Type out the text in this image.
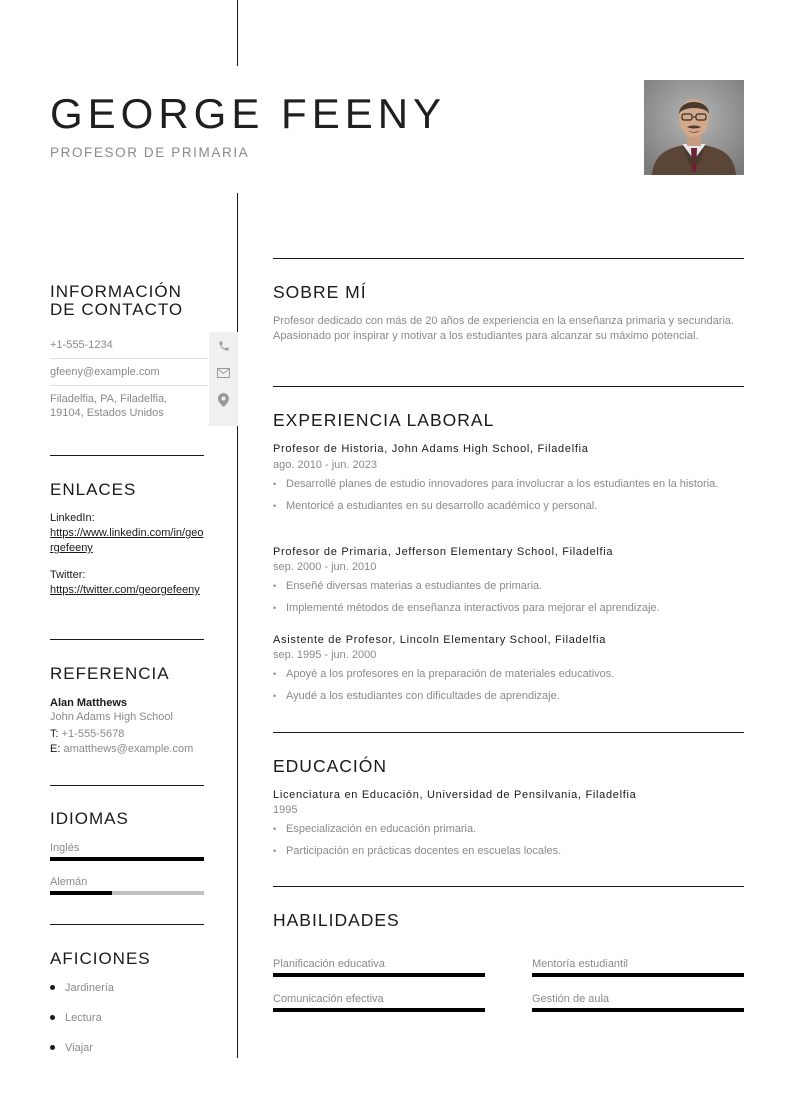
GEORGE FEENY
PROFESOR DE PRIMARIA
INFORMACIÓN
DE CONTACTO
+1-555-1234
gfeeny@example.com
Filadelfia, PA, Filadelfia,
19104, Estados Unidos
ENLACES
LinkedIn:
https://www.linkedin.com/in/georgefeeny
Twitter:
https://twitter.com/georgefeeny
REFERENCIA
Alan Matthews
John Adams High School
T: +1-555-5678
E: amatthews@example.com
IDIOMAS
Inglés
Alemán
AFICIONES
Jardinería
Lectura
Viajar
SOBRE MÍ
Profesor dedicado con más de 20 años de experiencia en la enseñanza primaria y secundaria. Apasionado por inspirar y motivar a los estudiantes para alcanzar su máximo potencial.
EXPERIENCIA LABORAL
Profesor de Historia, John Adams High School, Filadelfia
ago. 2010 - jun. 2023
• Desarrollé planes de estudio innovadores para involucrar a los estudiantes en la historia.
• Mentoricé a estudiantes en su desarrollo académico y personal.
Profesor de Primaria, Jefferson Elementary School, Filadelfia
sep. 2000 - jun. 2010
• Enseñé diversas materias a estudiantes de primaria.
• Implementé métodos de enseñanza interactivos para mejorar el aprendizaje.
Asistente de Profesor, Lincoln Elementary School, Filadelfia
sep. 1995 - jun. 2000
• Apoyé a los profesores en la preparación de materiales educativos.
• Ayudé a los estudiantes con dificultades de aprendizaje.
EDUCACIÓN
Licenciatura en Educación, Universidad de Pensilvania, Filadelfia
1995
• Especialización en educación primaria.
• Participación en prácticas docentes en escuelas locales.
HABILIDADES
Planificación educativa	Mentoría estudiantil
Comunicación efectiva	Gestión de aula
